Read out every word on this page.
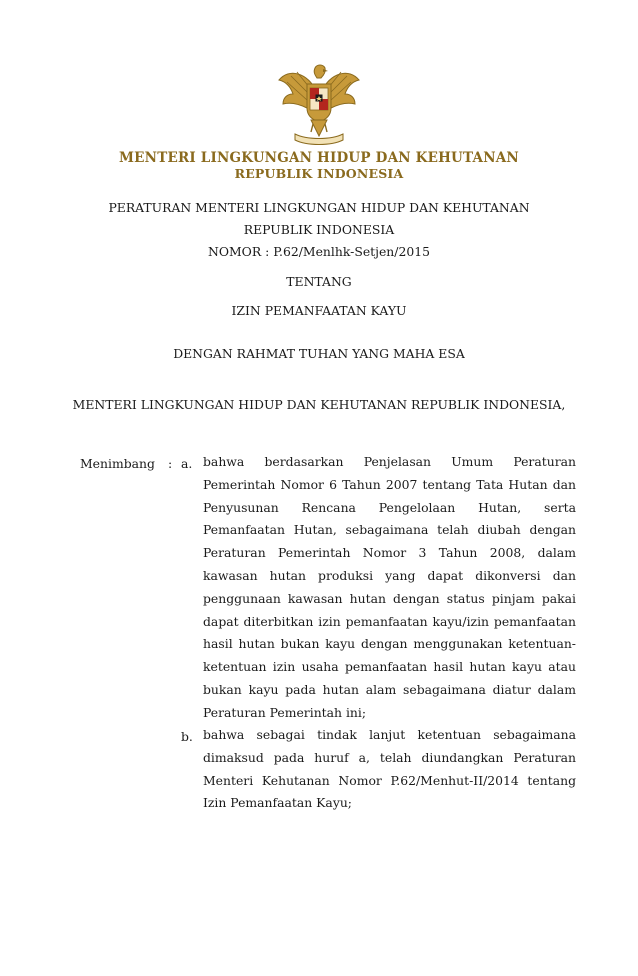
MENTERI LINGKUNGAN HIDUP DAN KEHUTANAN
REPUBLIK INDONESIA
PERATURAN MENTERI LINGKUNGAN HIDUP DAN KEHUTANAN
REPUBLIK INDONESIA
NOMOR : P.62/Menlhk-Setjen/2015
TENTANG
IZIN PEMANFAATAN KAYU
DENGAN RAHMAT TUHAN YANG MAHA ESA
MENTERI LINGKUNGAN HIDUP DAN KEHUTANAN REPUBLIK INDONESIA,
Menimbang : a. bahwa berdasarkan Penjelasan Umum Peraturan Pemerintah Nomor 6 Tahun 2007 tentang Tata Hutan dan Penyusunan Rencana Pengelolaan Hutan, serta Pemanfaatan Hutan, sebagaimana telah diubah dengan Peraturan Pemerintah Nomor 3 Tahun 2008, dalam kawasan hutan produksi yang dapat dikonversi dan penggunaan kawasan hutan dengan status pinjam pakai dapat diterbitkan izin pemanfaatan kayu/izin pemanfaatan hasil hutan bukan kayu dengan menggunakan ketentuan-ketentuan izin usaha pemanfaatan hasil hutan kayu atau bukan kayu pada hutan alam sebagaimana diatur dalam Peraturan Pemerintah ini;
b. bahwa sebagai tindak lanjut ketentuan sebagaimana dimaksud pada huruf a, telah diundangkan Peraturan Menteri Kehutanan Nomor P.62/Menhut-II/2014 tentang Izin Pemanfaatan Kayu;
